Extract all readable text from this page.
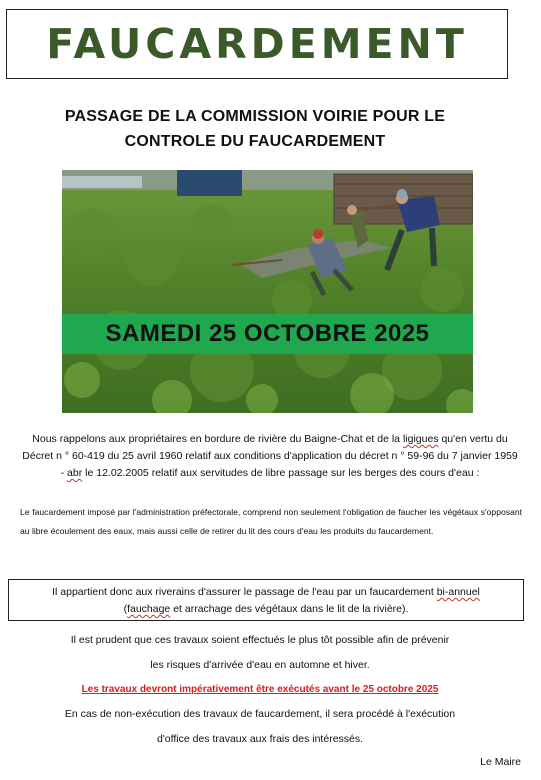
FAUCARDEMENT
PASSAGE DE LA COMMISSION VOIRIE POUR LE
CONTROLE DU FAUCARDEMENT
SAMEDI 25 OCTOBRE 2025
Nous rappelons aux propriétaires en bordure de rivière du Baigne-Chat et de la ligigues qu'en vertu du Décret n ° 60-419 du 25 avril 1960 relatif aux conditions d'application du décret n ° 59-96 du 7 janvier 1959 - abr le 12.02.2005 relatif aux servitudes de libre passage sur les berges des cours d'eau :
Le faucardement imposé par l'administration préfectorale, comprend non seulement l'obligation de faucher les végétaux s'opposant au libre écoulement des eaux, mais aussi celle de retirer du lit des cours d'eau les produits du faucardement.
Il appartient donc aux riverains d'assurer le passage de l'eau par un faucardement bi-annuel
(fauchage et arrachage des végétaux dans le lit de la rivière).
Il est prudent que ces travaux soient effectués le plus tôt possible afin de prévenir
les risques d'arrivée d'eau en automne et hiver.
Les travaux devront impérativement être exécutés avant le 25 octobre 2025
En cas de non-exécution des travaux de faucardement, il sera procédé à l'exécution
d'office des travaux aux frais des intéressés.
Le Maire
